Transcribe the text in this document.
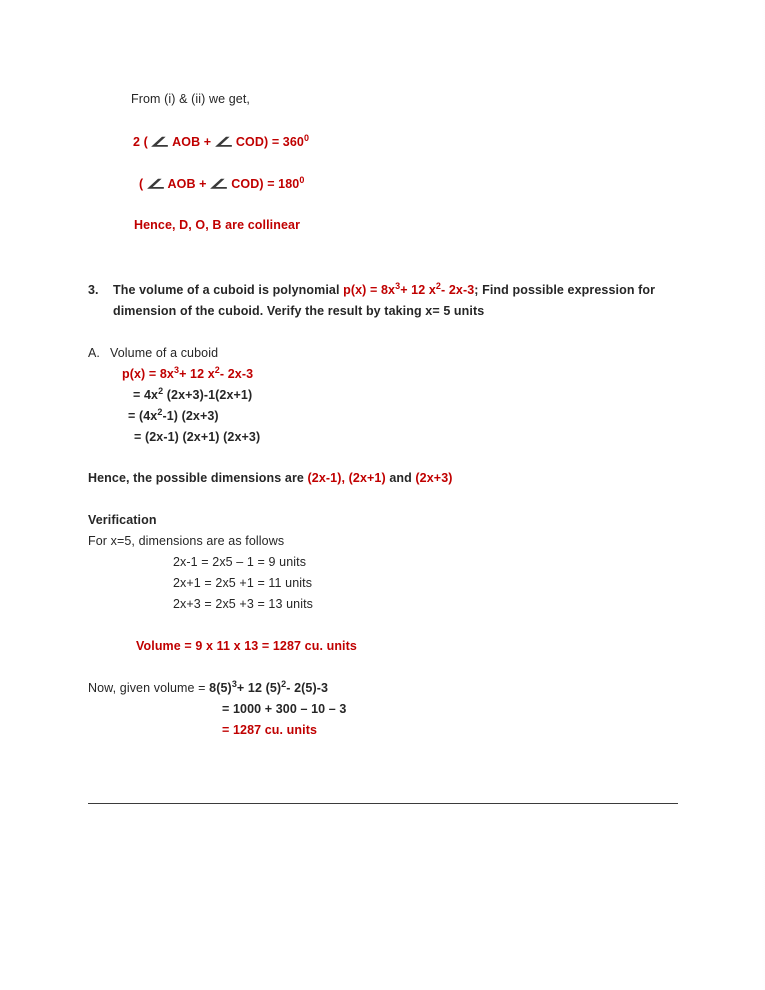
From (i) & (ii) we get,
2 ( ∠ AOB + ∠ $COD) = 360^0$
( ∠ AOB + ∠ $COD) = 180^0$
Hence, D, O, B are collinear
3. The volume of a cuboid is polynomial $p(x) = 8x^3+ 12$ $x^2-$ 2x-3; Find possible expression for
dimension of the cuboid. Verify the result by taking x= 5 units
A. Volume of a cuboid
$p(x) = 8x^3+ 12$ $x^2-$ 2x-3
= $4x^2$ (2x+3)-1(2x+1)
= $(4x^2-1)$ (2x+3)
= (2x-1) (2x+1) (2x+3)
Hence, the possible dimensions are (2x-1), (2x+1) and (2x+3)
Verification
For x=5, dimensions are as follows
2x-1 = 2x5 – 1 = 9 units
2x+1 = 2x5 +1 = 11 units
2x+3 = 2x5 +3 = 13 units
Volume = 9 x 11 x 13 = 1287 cu. units
Now, given volume = $8(5)^3+ 12$ $(5)^2-$ 2(5)-3
= 1000 + 300 – 10 – 3
= 1287 cu. units
